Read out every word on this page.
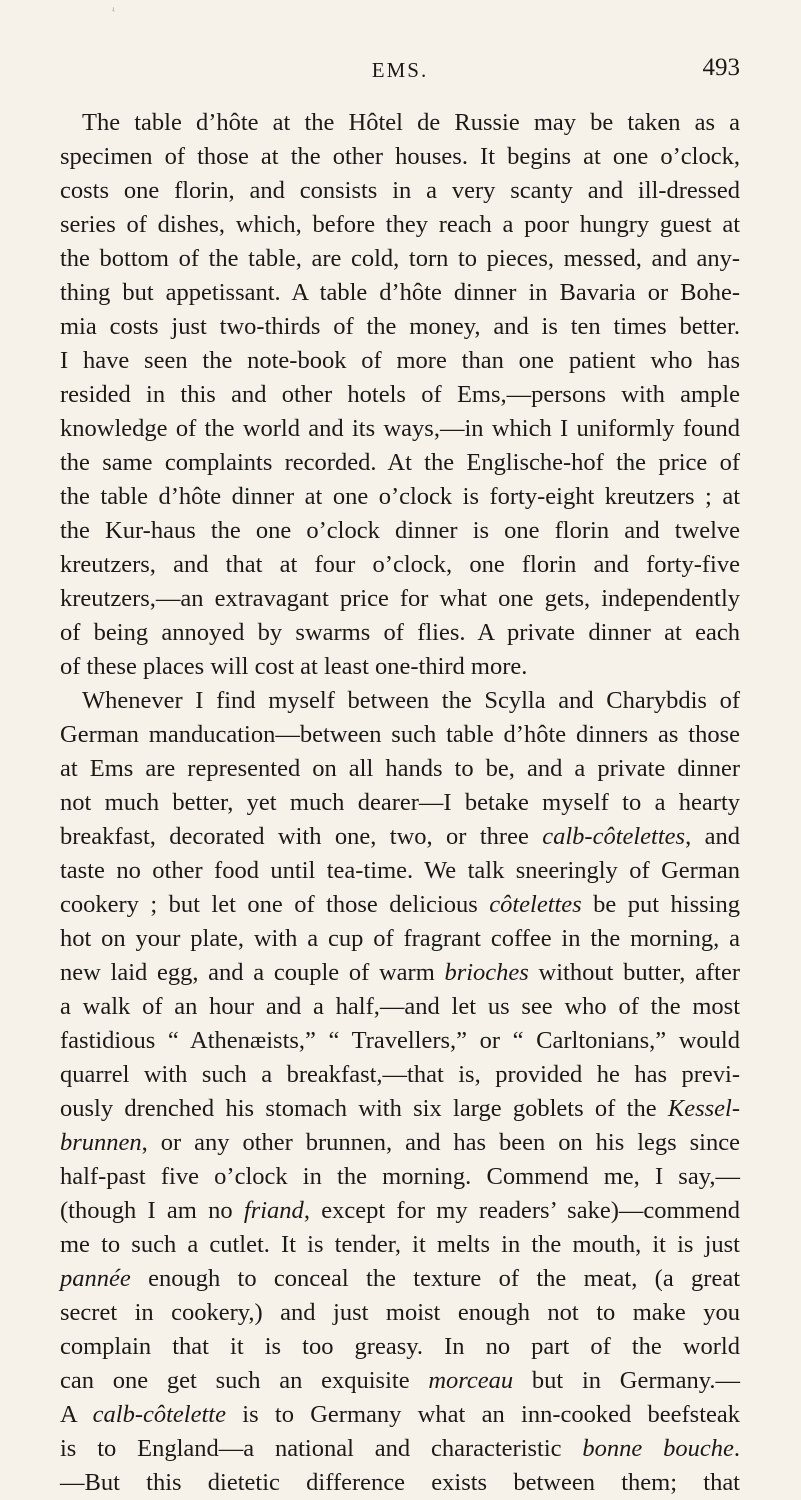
ʵ
EMS.	493
The table d’hôte at the Hôtel de Russie may be taken as a
specimen of those at the other houses. It begins at one o’clock,
costs one florin, and consists in a very scanty and ill-dressed
series of dishes, which, before they reach a poor hungry guest at
the bottom of the table, are cold, torn to pieces, messed, and any-
thing but appetissant. A table d’hôte dinner in Bavaria or Bohe-
mia costs just two-thirds of the money, and is ten times better.
I have seen the note-book of more than one patient who has
resided in this and other hotels of Ems,—persons with ample
knowledge of the world and its ways,—in which I uniformly found
the same complaints recorded. At the Englische-hof the price of
the table d’hôte dinner at one o’clock is forty-eight kreutzers ; at
the Kur-haus the one o’clock dinner is one florin and twelve
kreutzers, and that at four o’clock, one florin and forty-five
kreutzers,—an extravagant price for what one gets, independently
of being annoyed by swarms of flies. A private dinner at each
of these places will cost at least one-third more.
Whenever I find myself between the Scylla and Charybdis of
German manducation—between such table d’hôte dinners as those
at Ems are represented on all hands to be, and a private dinner
not much better, yet much dearer—I betake myself to a hearty
breakfast, decorated with one, two, or three calb-côtelettes, and
taste no other food until tea-time. We talk sneeringly of German
cookery ; but let one of those delicious côtelettes be put hissing
hot on your plate, with a cup of fragrant coffee in the morning, a
new laid egg, and a couple of warm brioches without butter, after
a walk of an hour and a half,—and let us see who of the most
fastidious “ Athenæists,” “ Travellers,” or “ Carltonians,” would
quarrel with such a breakfast,—that is, provided he has previ-
ously drenched his stomach with six large goblets of the Kessel-
brunnen, or any other brunnen, and has been on his legs since
half-past five o’clock in the morning. Commend me, I say,—
(though I am no friand, except for my readers’ sake)—commend
me to such a cutlet. It is tender, it melts in the mouth, it is just
pannée enough to conceal the texture of the meat, (a great
secret in cookery,) and just moist enough not to make you
complain that it is too greasy. In no part of the world
can one get such an exquisite morceau but in Germany.—
A calb-côtelette is to Germany what an inn-cooked beefsteak
is to England—a national and characteristic bonne bouche.
—But this dietetic difference exists between them; that
